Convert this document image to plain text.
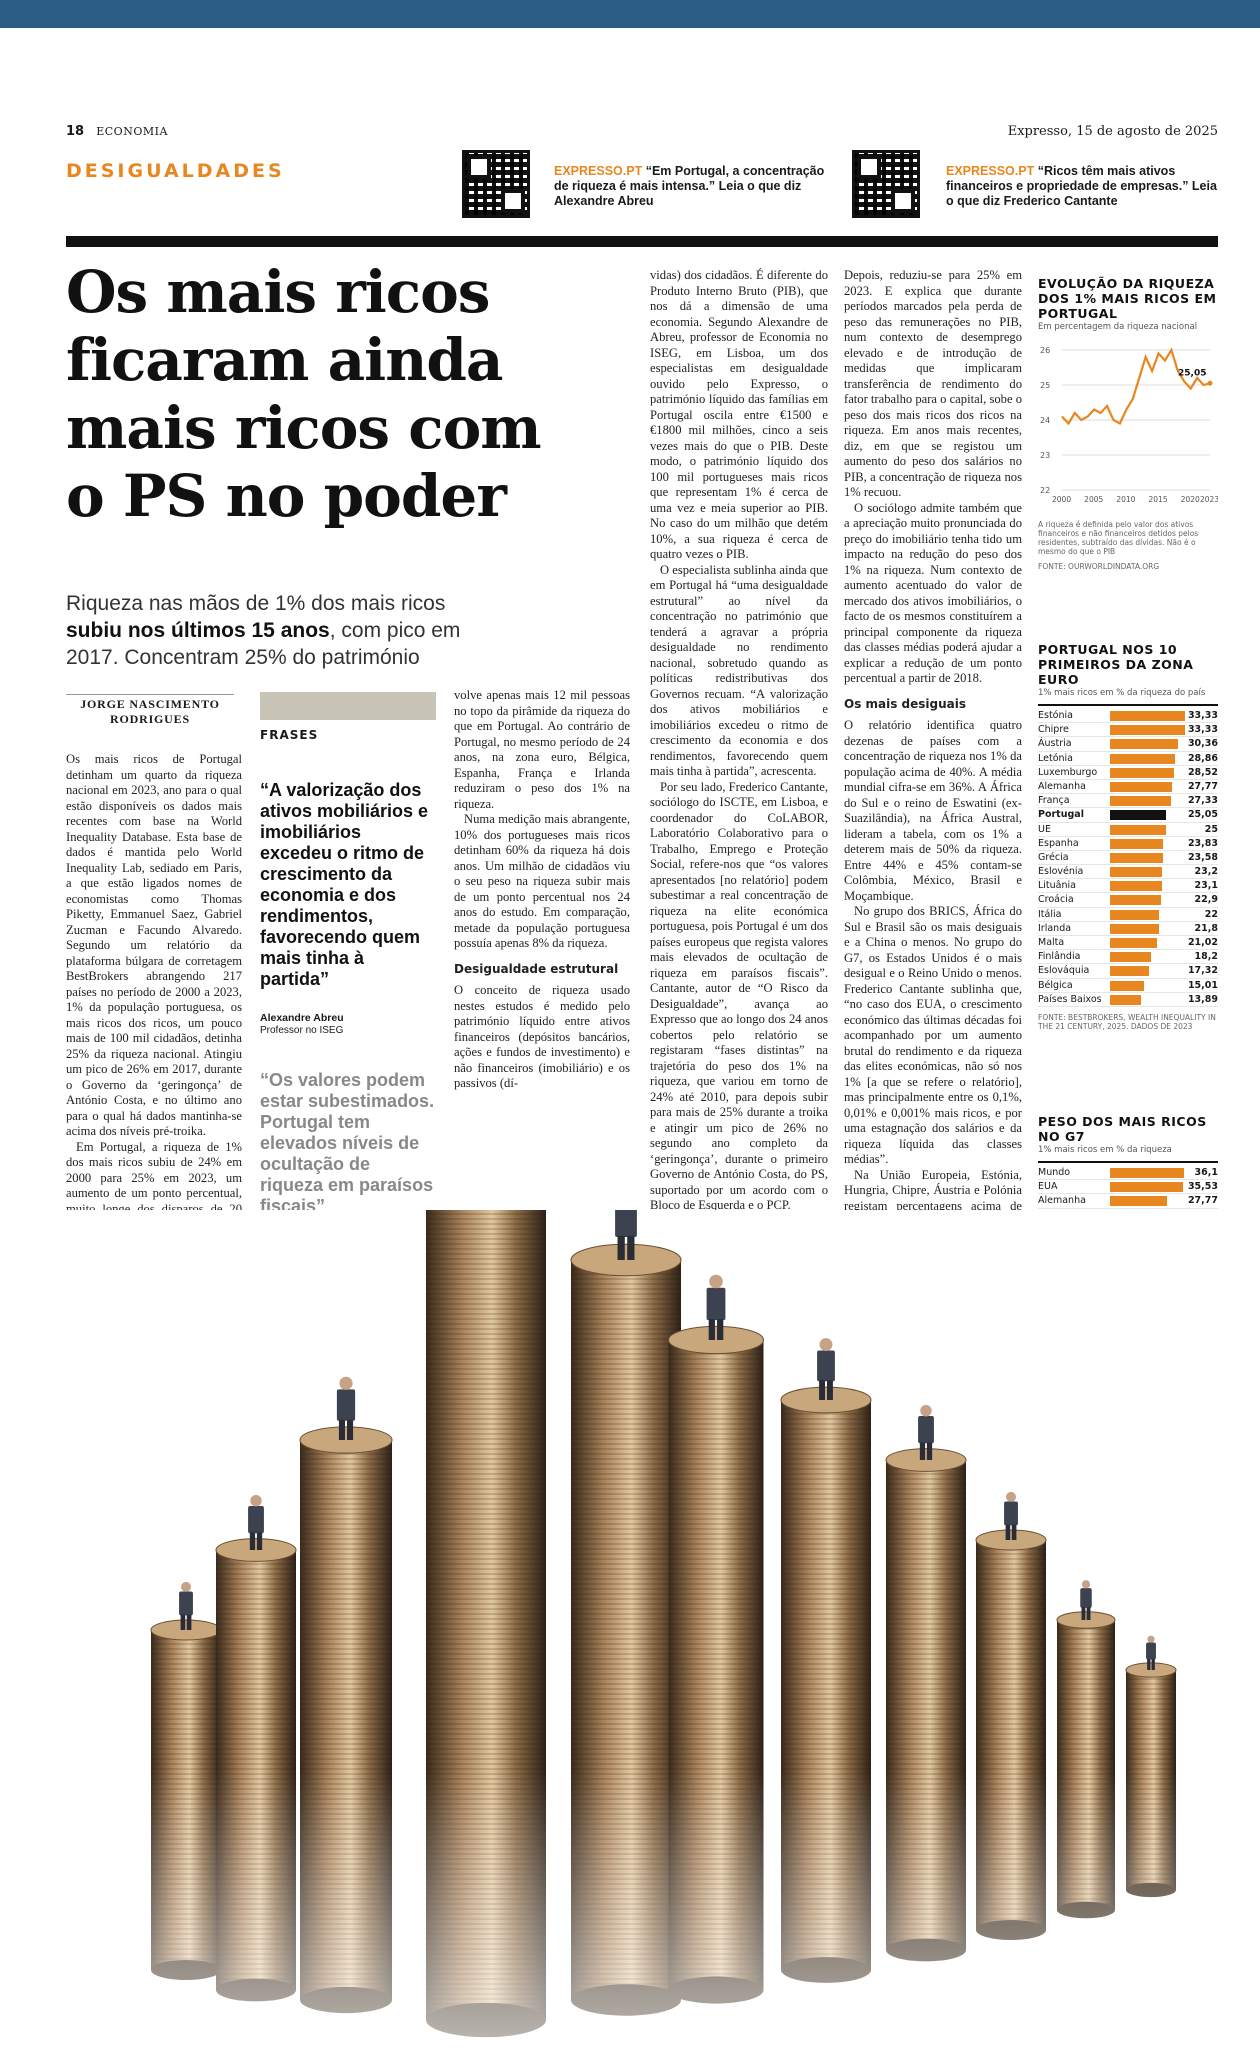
18 ECONOMIA	Expresso, 15 de agosto de 2025
DESIGUALDADES	EXPRESSO.PT “Em Portugal, a concentração de riqueza é mais intensa.” Leia o que diz Alexandre Abreu
EXPRESSO.PT “Ricos têm mais ativos financeiros e propriedade de empresas.” Leia o que diz Frederico Cantante
Os mais ricos ficaram ainda mais ricos com o PS no poder
Riqueza nas mãos de 1% dos mais ricos subiu nos últimos 15 anos, com pico em 2017. Concentram 25% do património
JORGE NASCIMENTO RODRIGUES

Os mais ricos de Portugal detinham um quarto da riqueza nacional em 2023, ano para o qual estão disponíveis os dados mais recentes com base na World Inequality Database. Esta base de dados é mantida pelo World Inequality Lab, sediado em Paris, a que estão ligados nomes de economistas como Thomas Piketty, Emmanuel Saez, Gabriel Zucman e Facundo Alvaredo. Segundo um relatório da plataforma búlgara de corretagem BestBrokers abrangendo 217 países no período de 2000 a 2023, 1% da população portuguesa, os mais ricos dos ricos, um pouco mais de 100 mil cidadãos, detinha 25% da riqueza nacional. Atingiu um pico de 26% em 2017, durante o Governo da ‘geringonça’ de António Costa, e no último ano para o qual há dados mantinha-se acima dos níveis pré-troika.

Em Portugal, a riqueza de 1% dos mais ricos subiu de 24% em 2000 para 25% em 2023, um aumento de um ponto percentual, muito longe dos disparos de 20 pontos percentuais em Chipre e mais de 11 pontos percentuais na Eslovénia, ou perto de 9 pontos percentuais na Grécia. O peso dos mais ricos dos ricos em Portugal está em oitavo lugar nos membros da zona euro, acima de Espanha ou da Grécia e na média da União Europeia. Está 10 pontos percentuais acima da concentração de riqueza na Bélgica, que envolve apenas mais 12 mil pessoas no topo da pirâmide da riqueza do que em Portugal.

FRASES
“A valorização dos ativos mobiliários e imobiliários excedeu o ritmo de crescimento da economia e dos rendimentos, favorecendo quem mais tinha à partida”
Alexandre Abreu
Professor no ISEG
“Os valores podem estar subestimados. Portugal tem elevados níveis de ocultação de riqueza em paraísos fiscais”
Frederico Cantante
Coordenador do CoLABOR

volve apenas mais 12 mil pessoas no topo da pirâmide da riqueza do que em Portugal. Ao contrário de Portugal, no mesmo período de 24 anos, na zona euro, Bélgica, Espanha, França e Irlanda reduziram o peso dos 1% na riqueza.

Numa medição mais abrangente, 10% dos portugueses mais ricos detinham 60% da riqueza há dois anos. Um milhão de cidadãos viu o seu peso na riqueza subir mais de um ponto percentual nos 24 anos do estudo. Em comparação, metade da população portuguesa possuía apenas 8% da riqueza.

Desigualdade estrutural

O conceito de riqueza usado nestes estudos é medido pelo património líquido entre ativos financeiros (depósitos bancários, ações e fundos de investimento) e não financeiros (imobiliário) e os passivos (dí-

vidas) dos cidadãos. É diferente do Produto Interno Bruto (PIB), que nos dá a dimensão de uma economia. Segundo Alexandre de Abreu, professor de Economia no ISEG, em Lisboa, um dos especialistas em desigualdade ouvido pelo Expresso, o património líquido das famílias em Portugal oscila entre €1500 e €1800 mil milhões, cinco a seis vezes mais do que o PIB. Deste modo, o património líquido dos 100 mil portugueses mais ricos que representam 1% é cerca de uma vez e meia superior ao PIB. No caso do um milhão que detém 10%, a sua riqueza é cerca de quatro vezes o PIB.

O especialista sublinha ainda que em Portugal há “uma desigualdade estrutural” ao nível da concentração no património que tenderá a agravar a própria desigualdade no rendimento nacional, sobretudo quando as políticas redistributivas dos Governos recuam. “A valorização dos ativos mobiliários e imobiliários excedeu o ritmo de crescimento da economia e dos rendimentos, favorecendo quem mais tinha à partida”, acrescenta.

Por seu lado, Frederico Cantante, sociólogo do ISCTE, em Lisboa, e coordenador do CoLABOR, Laboratório Colaborativo para o Trabalho, Emprego e Proteção Social, refere-nos que “os valores apresentados [no relatório] podem subestimar a real concentração de riqueza na elite económica portuguesa, pois Portugal é um dos países europeus que regista valores mais elevados de ocultação de riqueza em paraísos fiscais”. Cantante, autor de “O Risco da Desigualdade”, avança ao Expresso que ao longo dos 24 anos cobertos pelo relatório se registaram “fases distintas” na trajetória do peso dos 1% na riqueza, que variou em torno de 24% até 2010, para depois subir para mais de 25% durante a troika e atingir um pico de 26% no segundo ano completo da ‘geringonça’, durante o primeiro Governo de António Costa, do PS, suportado por um acordo com o Bloco de Esquerda e o PCP.

Depois, reduziu-se para 25% em 2023. E explica que durante períodos marcados pela perda de peso das remunerações no PIB, num contexto de desemprego elevado e de introdução de medidas que implicaram transferência de rendimento do fator trabalho para o capital, sobe o peso dos mais ricos dos ricos na riqueza. Em anos mais recentes, diz, em que se registou um aumento do peso dos salários no PIB, a concentração de riqueza nos 1% recuou.

O sociólogo admite também que a apreciação muito pronunciada do preço do imobiliário tenha tido um impacto na redução do peso dos 1% na riqueza. Num contexto de aumento acentuado do valor de mercado dos ativos imobiliários, o facto de os mesmos constituírem a principal componente da riqueza das classes médias poderá ajudar a explicar a redução de um ponto percentual a partir de 2018.

Os mais desiguais

O relatório identifica quatro dezenas de países com a concentração de riqueza nos 1% da população acima de 40%. A média mundial cifra-se em 36%. A África do Sul e o reino de Eswatini (ex-Suazilândia), na África Austral, lideram a tabela, com os 1% a deterem mais de 50% da riqueza. Entre 44% e 45% contam-se Colômbia, México, Brasil e Moçambique.

No grupo dos BRICS, África do Sul e Brasil são os mais desiguais e a China o menos. No grupo do G7, os Estados Unidos é o mais desigual e o Reino Unido o menos. Frederico Cantante sublinha que, “no caso dos EUA, o crescimento económico das últimas décadas foi acompanhado por um aumento brutal do rendimento e da riqueza das elites económicas, não só nos 1% [a que se refere o relatório], mas principalmente entre os 0,1%, 0,01% e 0,001% mais ricos, e por uma estagnação dos salários e da riqueza líquida das classes médias”.

Na União Europeia, Estónia, Hungria, Chipre, Áustria e Polónia registam percentagens acima de 30% de riqueza nas mãos dos 1%. Os menos desiguais em termos de concentração de riqueza no topo são os Países Baixos e a Bélgica.

EVOLUÇÃO DA RIQUEZA DOS 1% MAIS RICOS EM PORTUGAL
Em percentagem da riqueza nacional
22
23
24
25
26
2000 2005 2010 2015 2020 2023
25,05
A riqueza é definida pelo valor dos ativos financeiros e não financeiros detidos pelos residentes, subtraído das dívidas. Não é o mesmo do que o PIB
FONTE: OURWORLDINDATA.ORG
PORTUGAL NOS 10 PRIMEIROS DA ZONA EURO
1% mais ricos em % da riqueza do país
Estónia	33,33
Chipre	33,33
Áustria	30,36
Letónia	28,86
Luxemburgo	28,52
Alemanha	27,77
França	27,33
Portugal	25,05
UE	25
Espanha	23,83
Grécia	23,58
Eslovénia	23,2
Lituânia	23,1
Croácia	22,9
Itália	22
Irlanda	21,8
Malta	21,02
Finlândia	18,2
Eslováquia	17,32
Bélgica	15,01
Países Baixos	13,89
FONTE: BESTBROKERS, WEALTH INEQUALITY IN THE 21 CENTURY, 2025. DADOS DE 2023
PESO DOS MAIS RICOS NO G7
1% mais ricos em % da riqueza
Mundo	36,1
EUA	35,53
Alemanha	27,77
França	27,3
Japão	24,82
Canadá	24,34
Itália	22,06
Reino Unido	21,28
FONTE: BESTBROKERS, WEALTH INEQUALITY IN THE 21 CENTURY, AGOSTO 2025
PESO DOS MAIS RICOS NOS BRICS
% mais ricos em % da riqueza
África do S.	55,32
Brasil	44,38
Rússia	35,02
Índia	34,08
China	30,35
FONTE: BESTBROKERS, WEALTH INEQUALITY IN THE 21 CENTURY, AGOSTO 2025
